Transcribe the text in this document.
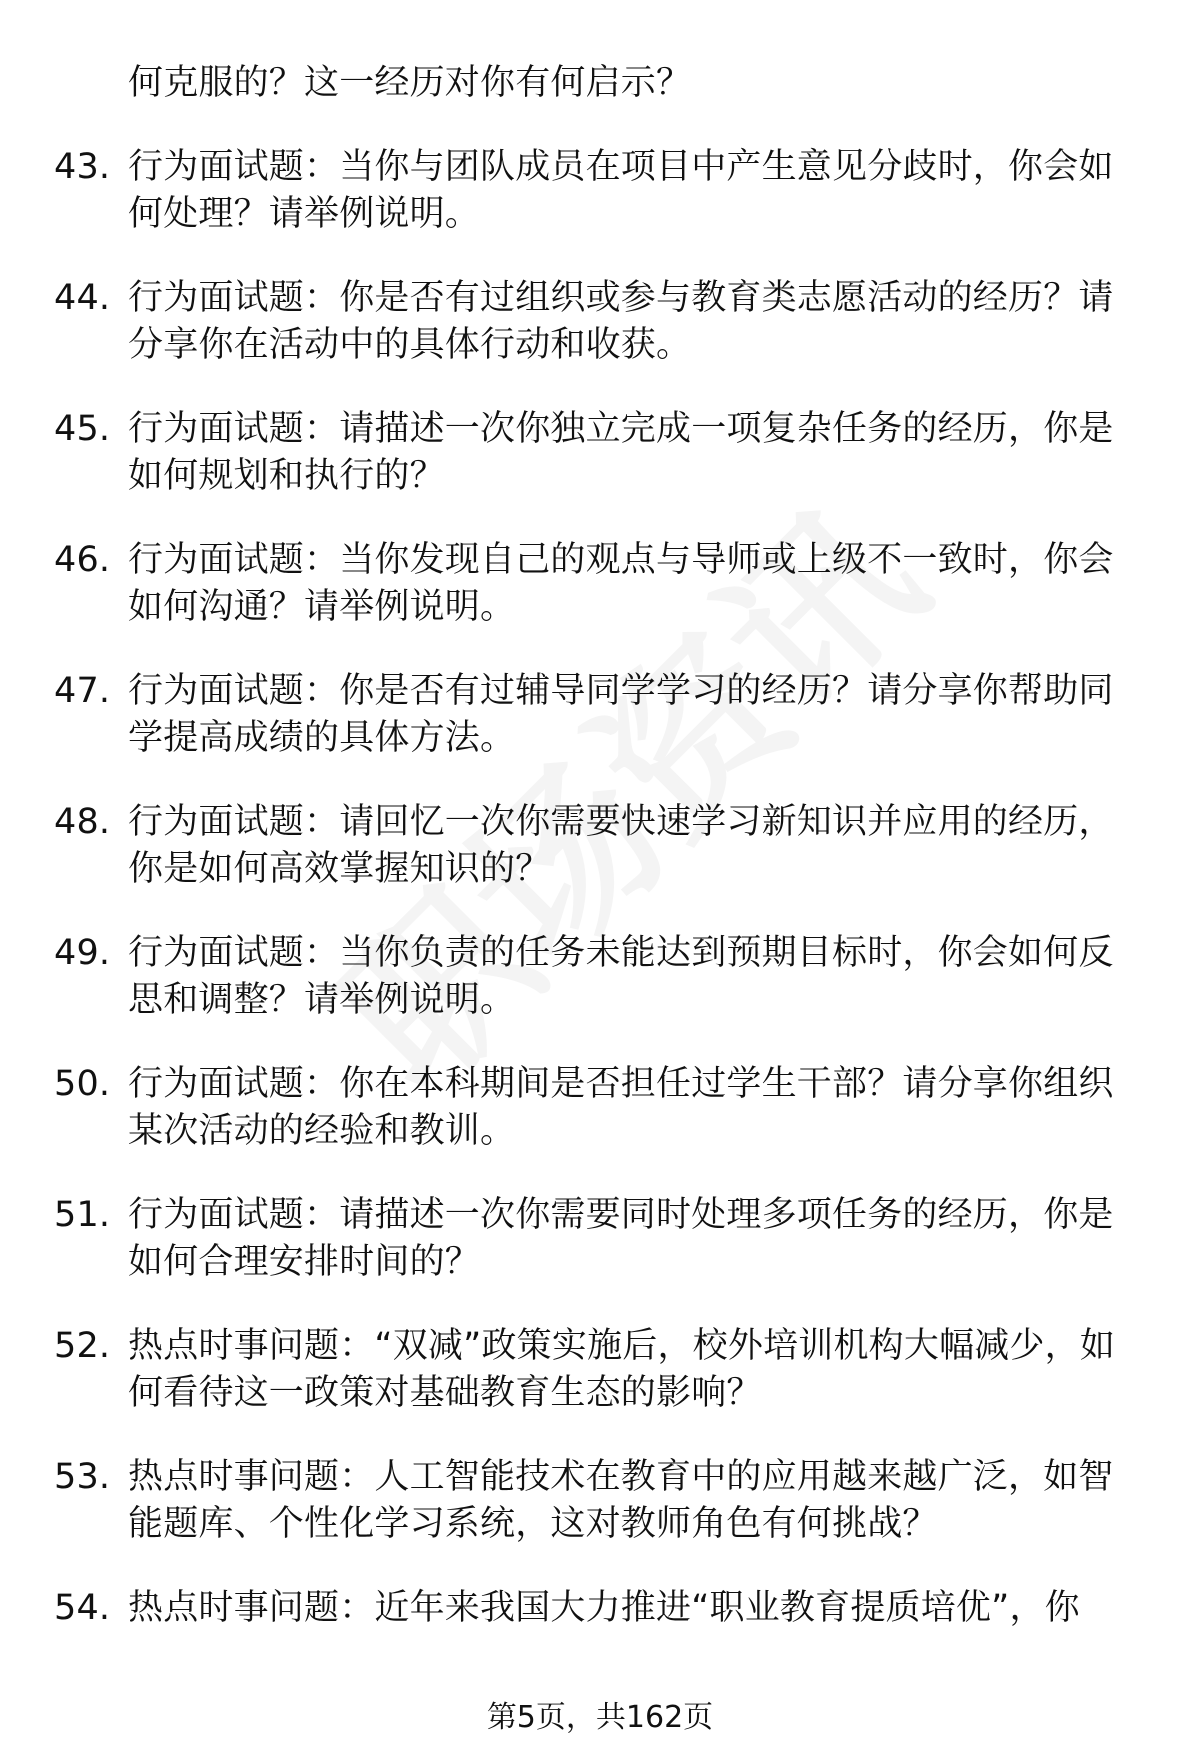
何克服的？这一经历对你有何启示？
43. 行为面试题：当你与团队成员在项目中产生意见分歧时，你会如何处理？请举例说明。
44. 行为面试题：你是否有过组织或参与教育类志愿活动的经历？请分享你在活动中的具体行动和收获。
45. 行为面试题：请描述一次你独立完成一项复杂任务的经历，你是如何规划和执行的？
46. 行为面试题：当你发现自己的观点与导师或上级不一致时，你会如何沟通？请举例说明。
47. 行为面试题：你是否有过辅导同学学习的经历？请分享你帮助同学提高成绩的具体方法。
48. 行为面试题：请回忆一次你需要快速学习新知识并应用的经历，你是如何高效掌握知识的？
49. 行为面试题：当你负责的任务未能达到预期目标时，你会如何反思和调整？请举例说明。
50. 行为面试题：你在本科期间是否担任过学生干部？请分享你组织某次活动的经验和教训。
51. 行为面试题：请描述一次你需要同时处理多项任务的经历，你是如何合理安排时间的？
52. 热点时事问题：“双减”政策实施后，校外培训机构大幅减少，如何看待这一政策对基础教育生态的影响？
53. 热点时事问题：人工智能技术在教育中的应用越来越广泛，如智能题库、个性化学习系统，这对教师角色有何挑战？
54. 热点时事问题：近年来我国大力推进“职业教育提质培优”，你
第5页，共162页
